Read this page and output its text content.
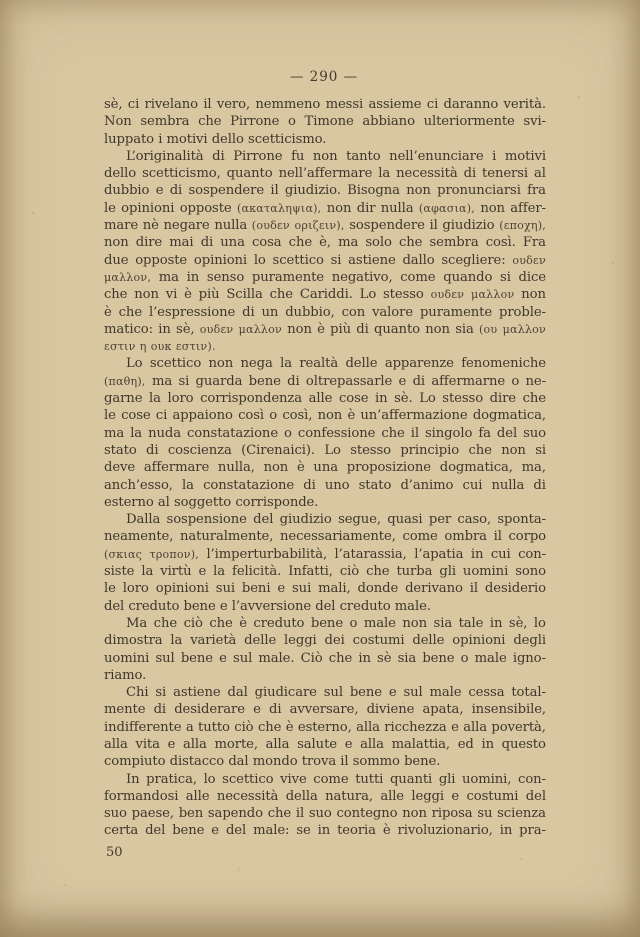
— 290 —
sè, ci rivelano il vero, nemmeno messi assieme ci daranno verità.
Non sembra che Pirrone o Timone abbiano ulteriormente svi-
luppato i motivi dello scetticismo.
L’originalità di Pirrone fu non tanto nell’enunciare i motivi
dello scetticismo, quanto nell’affermare la necessità di tenersi al
dubbio e di sospendere il giudizio. Bisogna non pronunciarsi fra
le opinioni opposte (ακαταληψια), non dir nulla (αφασια), non affer-
mare nè negare nulla (ουδεν οριζειν), sospendere il giudizio (εποχη),
non dire mai di una cosa che è, ma solo che sembra così. Fra
due opposte opinioni lo scettico si astiene dallo scegliere: ουδεν
μαλλον, ma in senso puramente negativo, come quando si dice
che non vi è più Scilla che Cariddi. Lo stesso ουδεν μαλλον non
è che l’espressione di un dubbio, con valore puramente proble-
matico: in sè, ουδεν μαλλον non è più di quanto non sia (ου μαλλον
εστιν η ουκ εστιν).
Lo scettico non nega la realtà delle apparenze fenomeniche
(παθη), ma si guarda bene di oltrepassarle e di affermarne o ne-
garne la loro corrispondenza alle cose in sè. Lo stesso dire che
le cose ci appaiono così o così, non è un’affermazione dogmatica,
ma la nuda constatazione o confessione che il singolo fa del suo
stato di coscienza (Cirenaici). Lo stesso principio che non si
deve affermare nulla, non è una proposizione dogmatica, ma,
anch’esso, la constatazione di uno stato d’animo cui nulla di
esterno al soggetto corrisponde.
Dalla sospensione del giudizio segue, quasi per caso, sponta-
neamente, naturalmente, necessariamente, come ombra il corpo
(σκιας τροπον), l’imperturbabilità, l’atarassia, l’apatia in cui con-
siste la virtù e la felicità. Infatti, ciò che turba gli uomini sono
le loro opinioni sui beni e sui mali, donde derivano il desiderio
del creduto bene e l’avversione del creduto male.
Ma che ciò che è creduto bene o male non sia tale in sè, lo
dimostra la varietà delle leggi dei costumi delle opinioni degli
uomini sul bene e sul male. Ciò che in sè sia bene o male igno-
riamo.
Chi si astiene dal giudicare sul bene e sul male cessa total-
mente di desiderare e di avversare, diviene apata, insensibile,
indifferente a tutto ciò che è esterno, alla ricchezza e alla povertà,
alla vita e alla morte, alla salute e alla malattia, ed in questo
compiuto distacco dal mondo trova il sommo bene.
In pratica, lo scettico vive come tutti quanti gli uomini, con-
formandosi alle necessità della natura, alle leggi e costumi del
suo paese, ben sapendo che il suo contegno non riposa su scienza
certa del bene e del male: se in teoria è rivoluzionario, in pra-
50
